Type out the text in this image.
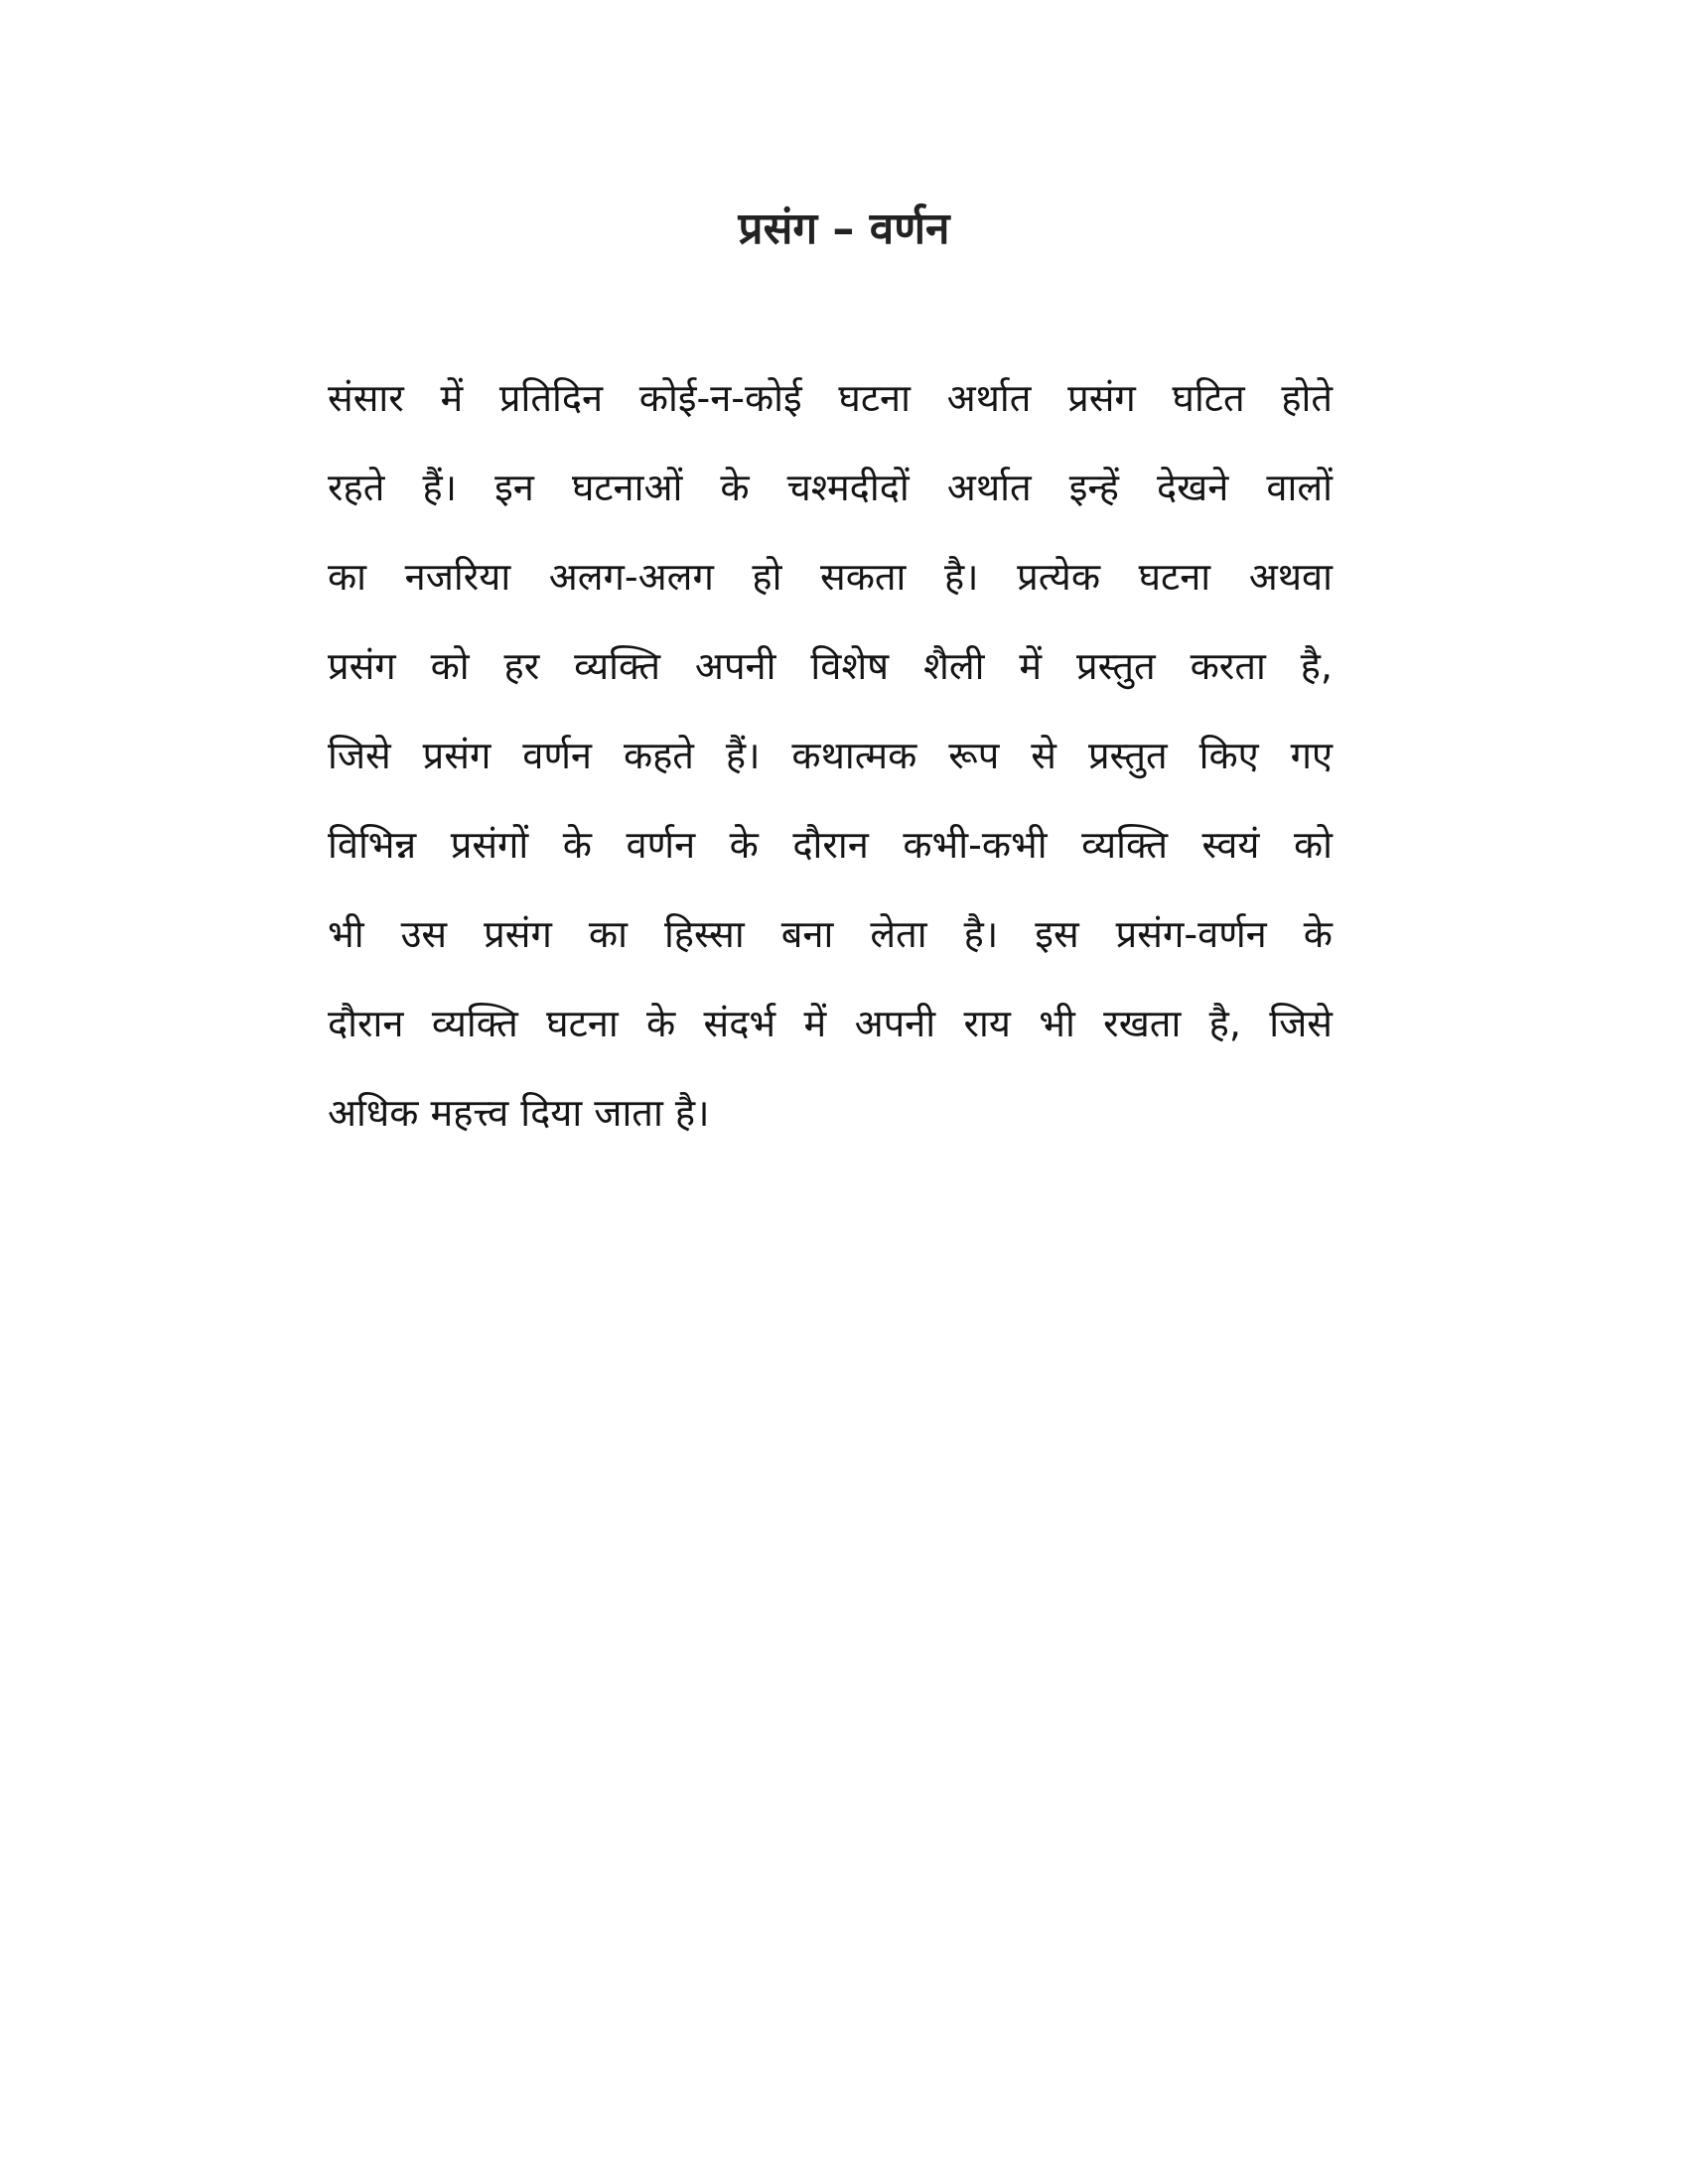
प्रसंग – वर्णन
संसार में प्रतिदिन कोई-न-कोई घटना अर्थात प्रसंग घटित होते
रहते हैं। इन घटनाओं के चश्मदीदों अर्थात इन्हें देखने वालों
का नजरिया अलग-अलग हो सकता है। प्रत्येक घटना अथवा
प्रसंग को हर व्यक्ति अपनी विशेष शैली में प्रस्तुत करता है,
जिसे प्रसंग वर्णन कहते हैं। कथात्मक रूप से प्रस्तुत किए गए
विभिन्न प्रसंगों के वर्णन के दौरान कभी-कभी व्यक्ति स्वयं को
भी उस प्रसंग का हिस्सा बना लेता है। इस प्रसंग-वर्णन के
दौरान व्यक्ति घटना के संदर्भ में अपनी राय भी रखता है, जिसे
अधिक महत्त्व दिया जाता है।
